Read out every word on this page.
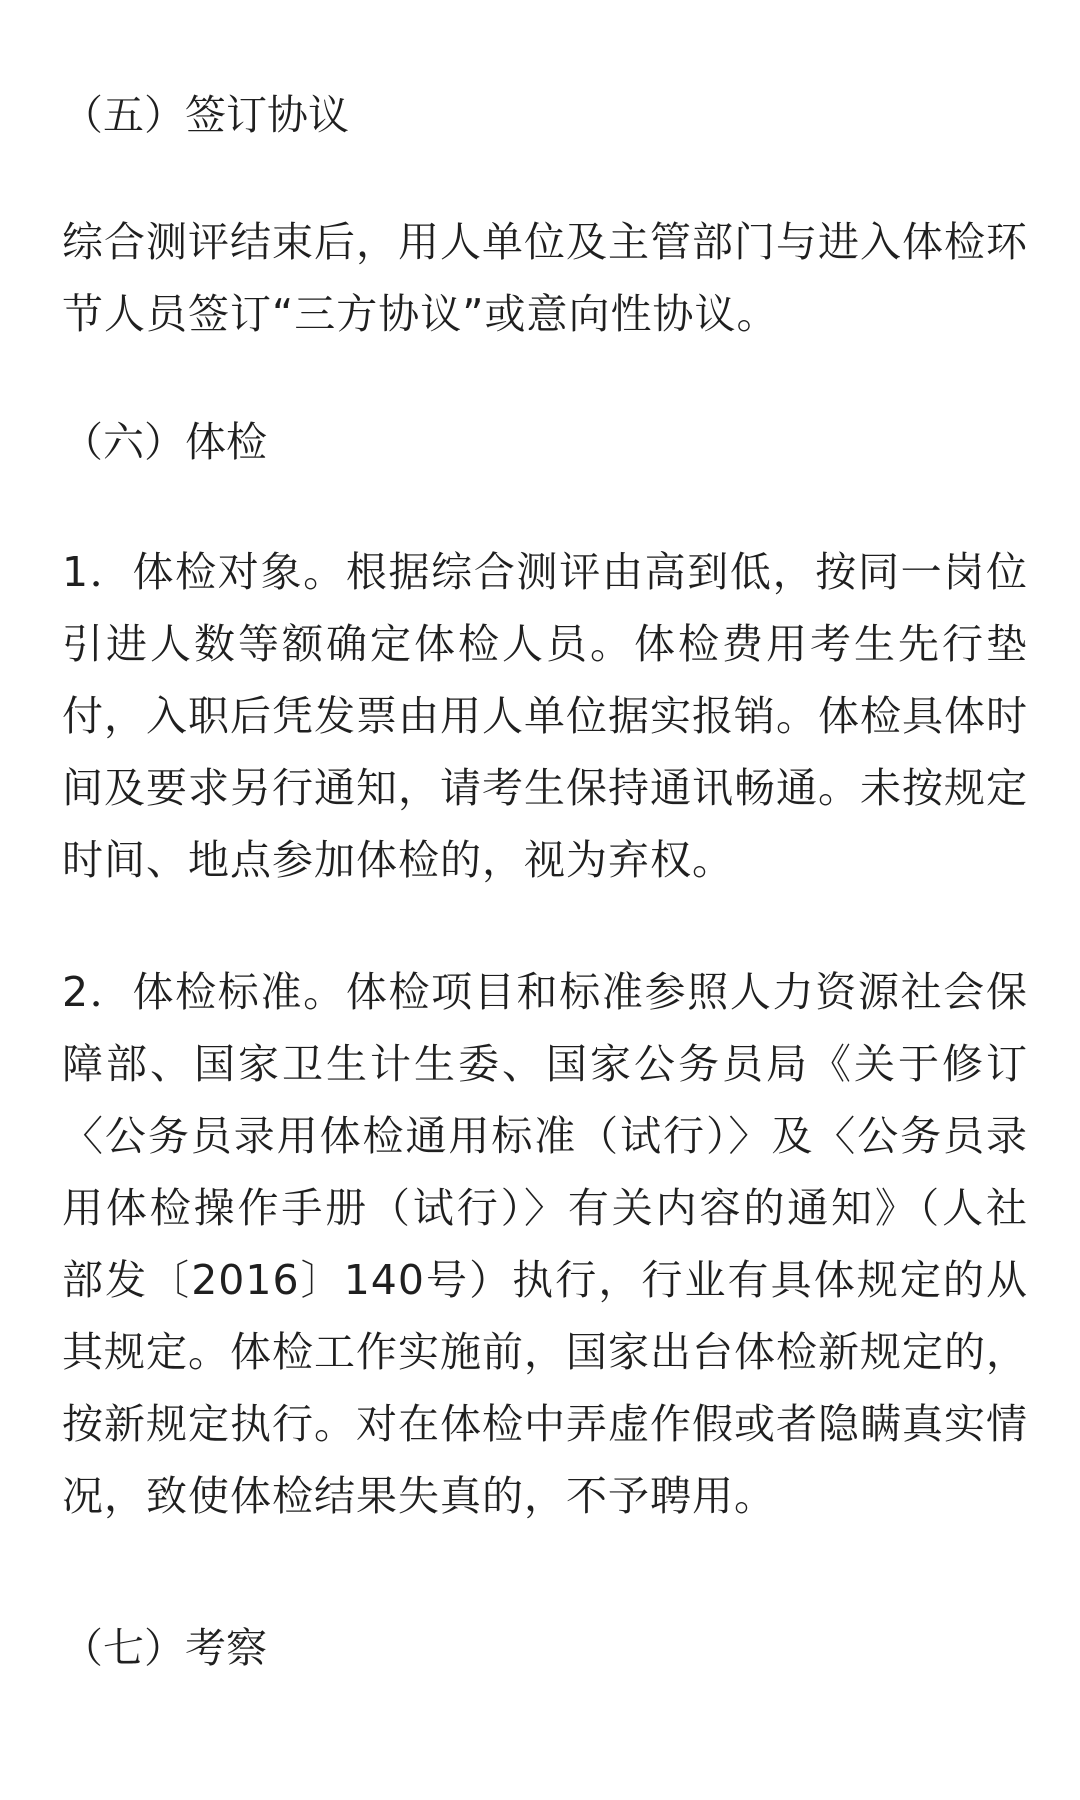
（五）签订协议

综合测评结束后，用人单位及主管部门与进入体检环节人员签订“三方协议”或意向性协议。

（六）体检

1．体检对象。根据综合测评由高到低，按同一岗位引进人数等额确定体检人员。体检费用考生先行垫付，入职后凭发票由用人单位据实报销。体检具体时间及要求另行通知，请考生保持通讯畅通。未按规定时间、地点参加体检的，视为弃权。

2．体检标准。体检项目和标准参照人力资源社会保障部、国家卫生计生委、国家公务员局《关于修订〈公务员录用体检通用标准（试行）〉及〈公务员录用体检操作手册（试行）〉有关内容的通知》（人社部发〔2016〕140号）执行，行业有具体规定的从其规定。体检工作实施前，国家出台体检新规定的，按新规定执行。对在体检中弄虚作假或者隐瞒真实情况，致使体检结果失真的，不予聘用。

（七）考察
